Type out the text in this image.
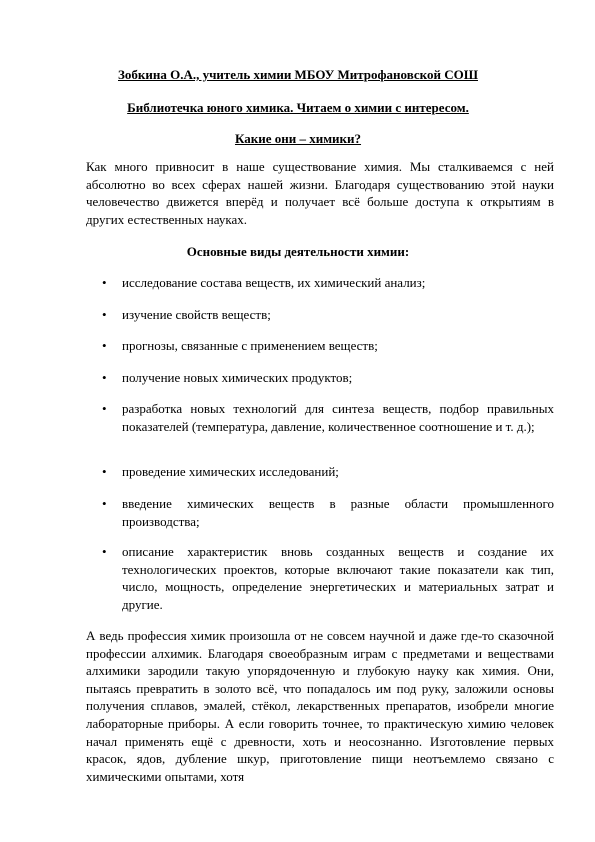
Зобкина О.А., учитель химии МБОУ Митрофановской СОШ
Библиотечка юного химика. Читаем о химии с интересом.
Какие они – химики?
Как много привносит в наше существование химия. Мы сталкиваемся с ней абсолютно во всех сферах нашей жизни. Благодаря существованию этой науки человечество движется вперёд и получает всё больше доступа к открытиям в других естественных науках.
Основные виды деятельности химии:
• исследование состава веществ, их химический анализ;
• изучение свойств веществ;
• прогнозы, связанные с применением веществ;
• получение новых химических продуктов;
• разработка новых технологий для синтеза веществ, подбор правильных показателей (температура, давление, количественное соотношение и т. д.);
• проведение химических исследований;
• введение химических веществ в разные области промышленного производства;
• описание характеристик вновь созданных веществ и создание их технологических проектов, которые включают такие показатели как тип, число, мощность, определение энергетических и материальных затрат и другие.
А ведь профессия химик произошла от не совсем научной и даже где-то сказочной профессии алхимик. Благодаря своеобразным играм с предметами и веществами алхимики зародили такую упорядоченную и глубокую науку как химия. Они, пытаясь превратить в золото всё, что попадалось им под руку, заложили основы получения сплавов, эмалей, стёкол, лекарственных препаратов, изобрели многие лабораторные приборы. А если говорить точнее, то практическую химию человек начал применять ещё с древности, хоть и неосознанно. Изготовление первых красок, ядов, дубление шкур, приготовление пищи неотъемлемо связано с химическими опытами, хотя
